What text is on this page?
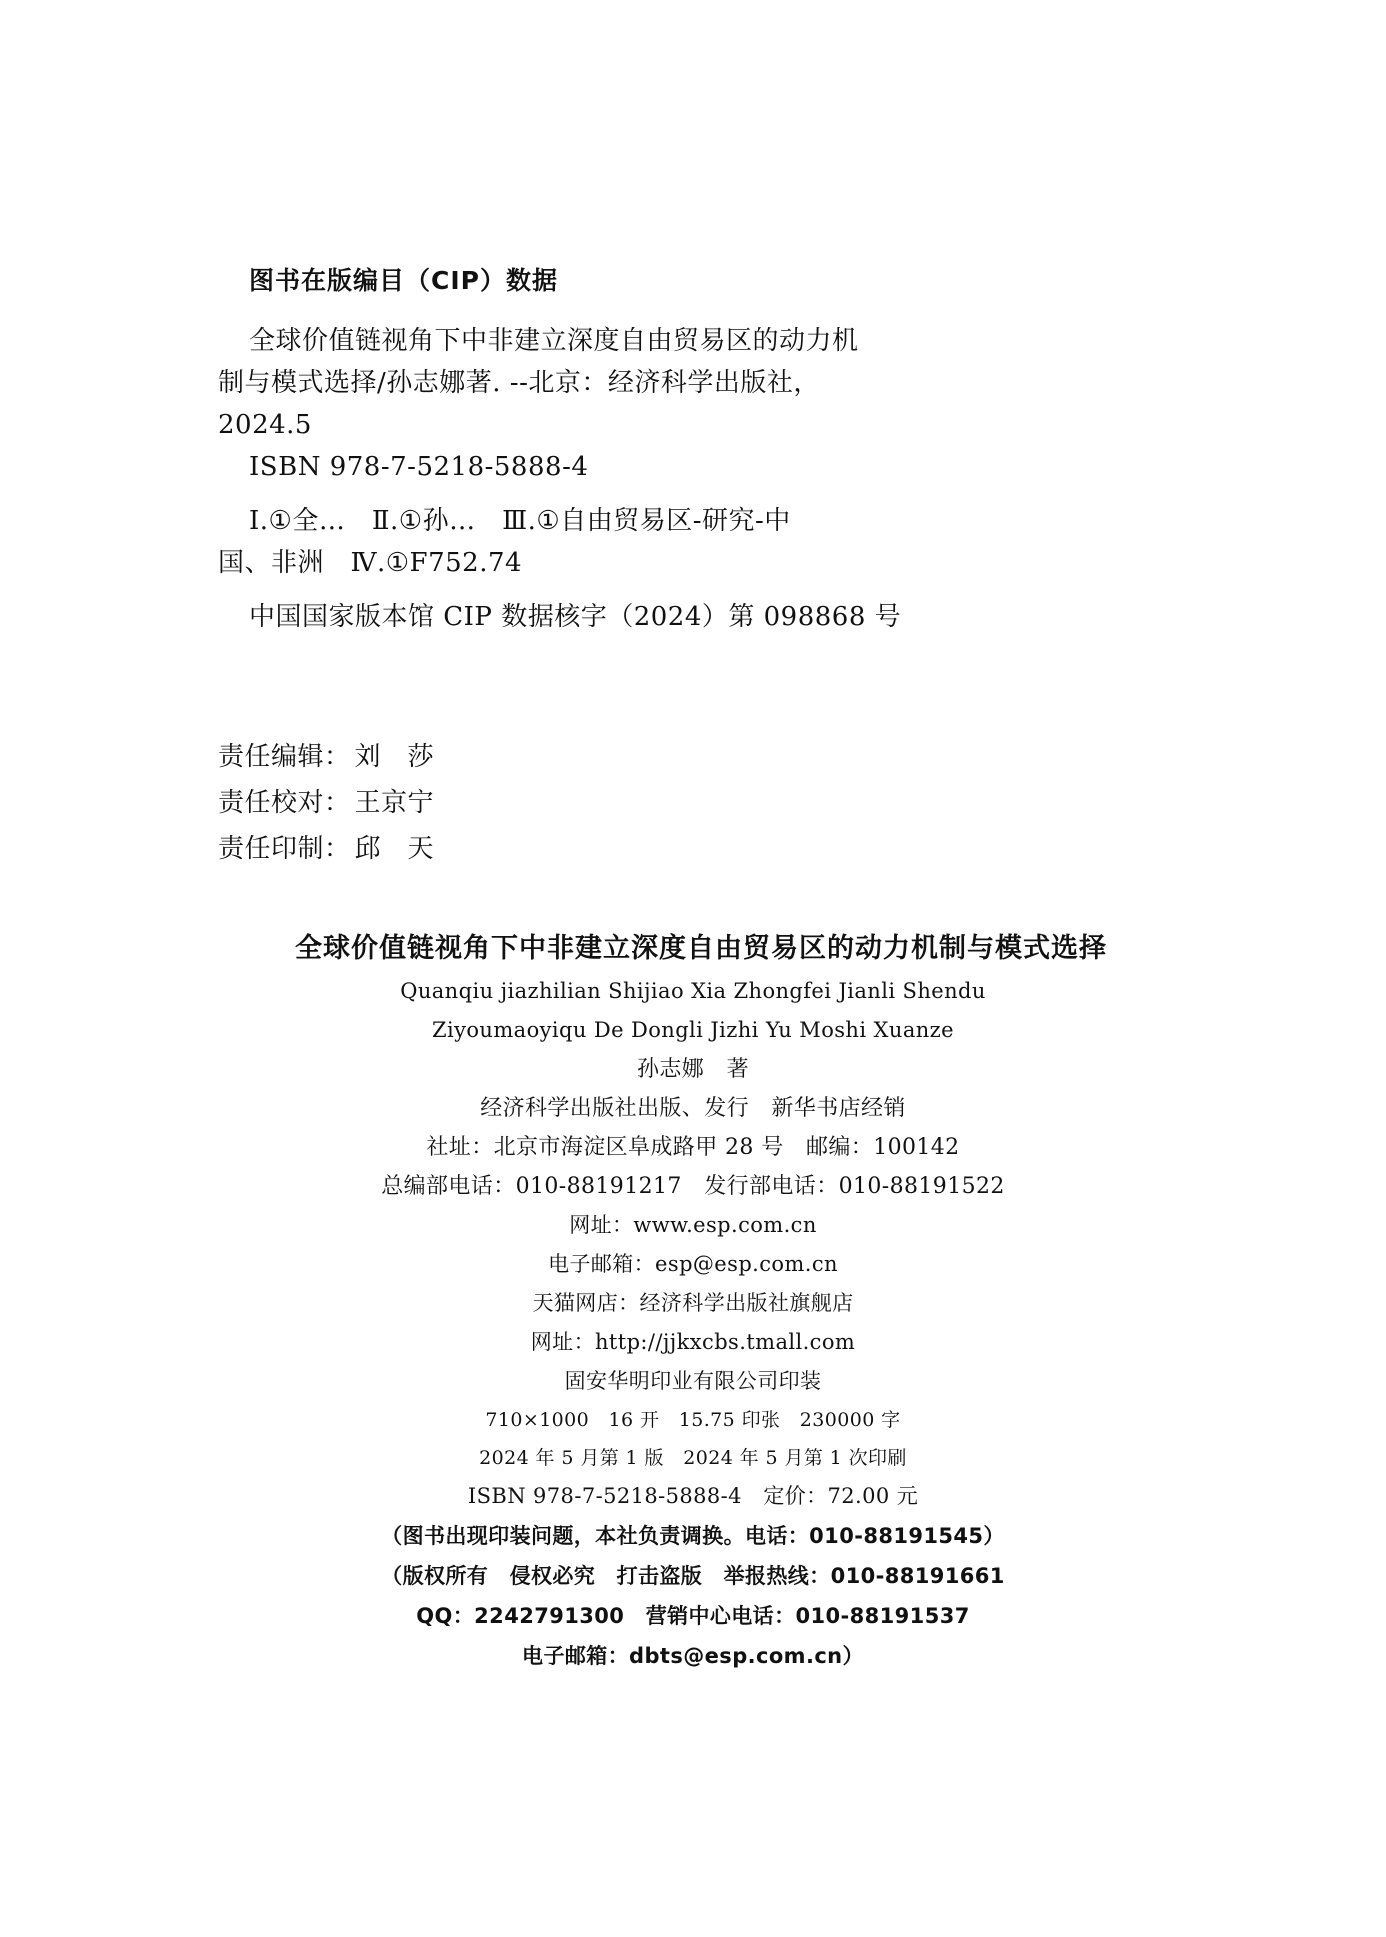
图书在版编目（CIP）数据

全球价值链视角下中非建立深度自由贸易区的动力机
制与模式选择/孙志娜著. --北京：经济科学出版社，
2024.5

ISBN 978-7-5218-5888-4

Ⅰ.①全…　Ⅱ.①孙…　Ⅲ.①自由贸易区-研究-中
国、非洲　Ⅳ.①F752.74

中国国家版本馆 CIP 数据核字（2024）第 098868 号

责任编辑： 刘　莎
责任校对： 王京宁
责任印制： 邱　天
全球价值链视角下中非建立深度自由贸易区的动力机制与模式选择
Quanqiu jiazhilian Shijiao Xia Zhongfei Jianli Shendu
Ziyoumaoyiqu De Dongli Jizhi Yu Moshi Xuanze
孙志娜　著
经济科学出版社出版、发行　新华书店经销
社址：北京市海淀区阜成路甲 28 号　邮编：100142
总编部电话：010-88191217　发行部电话：010-88191522
网址：www.esp.com.cn
电子邮箱：esp@esp.com.cn
天猫网店：经济科学出版社旗舰店
网址：http://jjkxcbs.tmall.com
固安华明印业有限公司印装
710×1000　16 开　15.75 印张　230000 字
2024 年 5 月第 1 版　2024 年 5 月第 1 次印刷
ISBN 978-7-5218-5888-4　定价：72.00 元
（图书出现印装问题，本社负责调换。电话：010-88191545）
（版权所有　侵权必究　打击盗版　举报热线：010-88191661
QQ：2242791300　营销中心电话：010-88191537
电子邮箱：dbts@esp.com.cn）
